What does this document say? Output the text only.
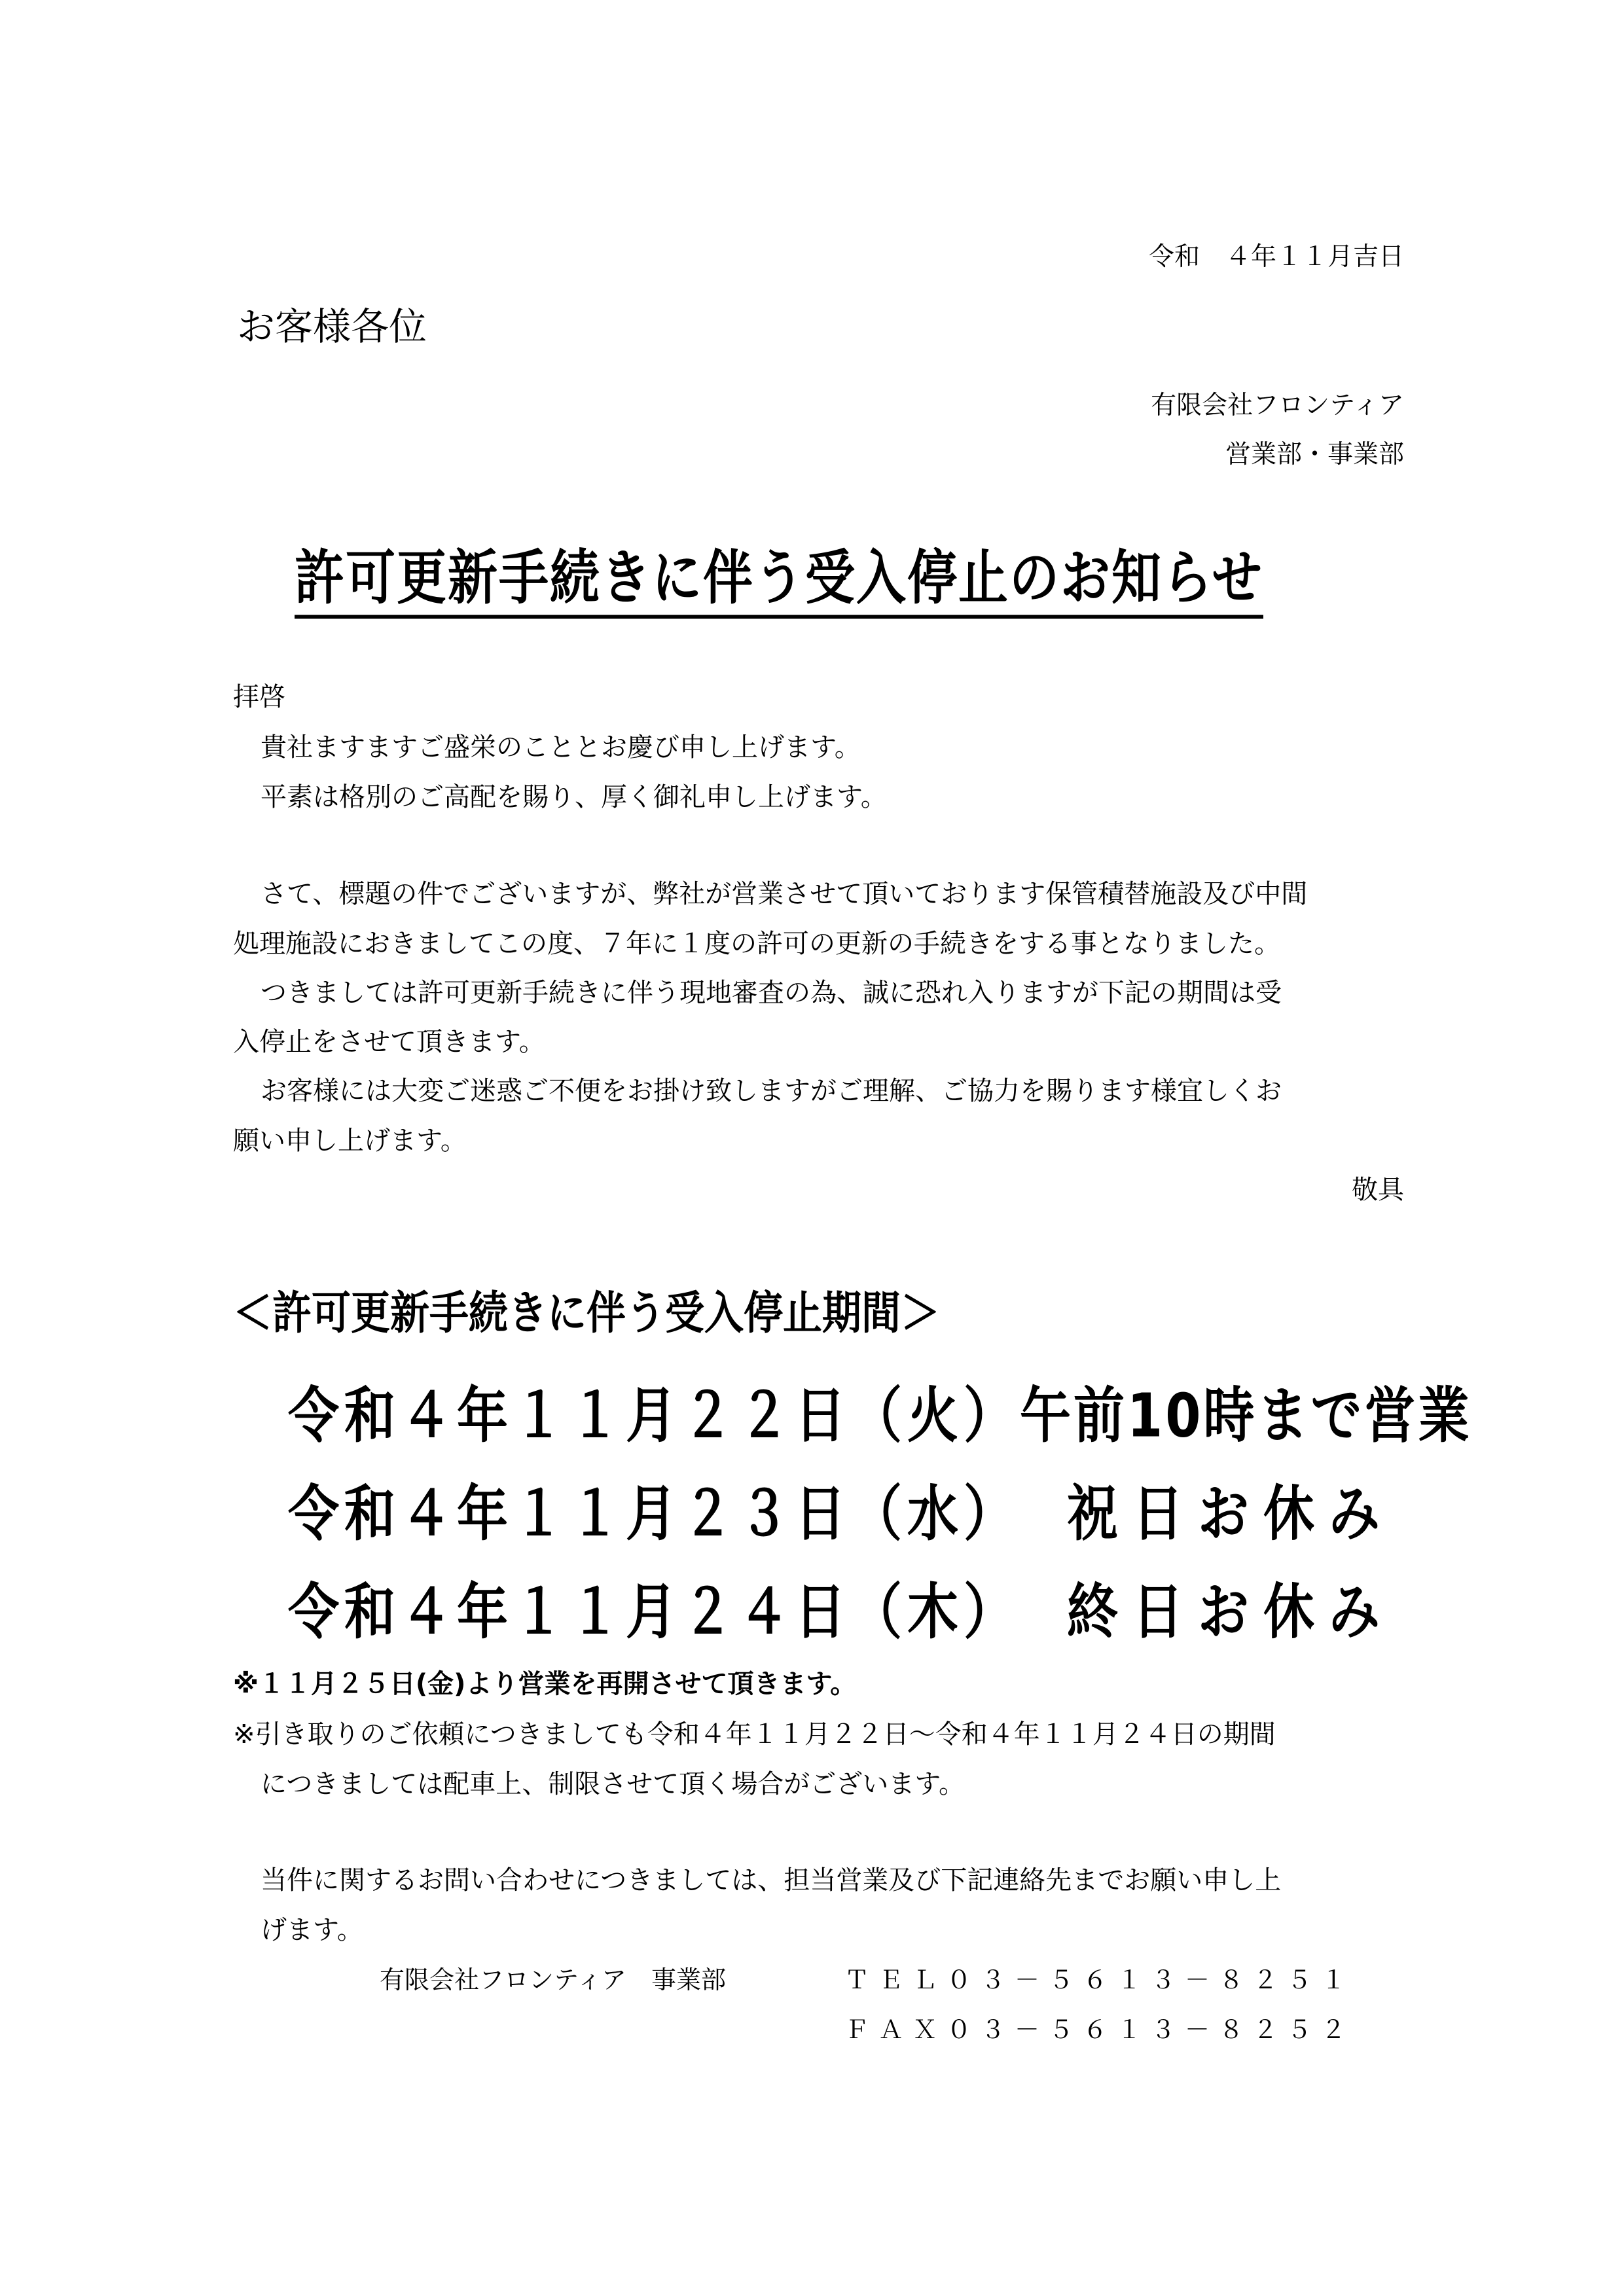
令和　４年１１月吉日
お客様各位
有限会社フロンティア
営業部・事業部
許可更新手続きに伴う受入停止のお知らせ
拝啓
貴社ますますご盛栄のこととお慶び申し上げます。
平素は格別のご高配を賜り、厚く御礼申し上げます。
さて、標題の件でございますが、弊社が営業させて頂いております保管積替施設及び中間
処理施設におきましてこの度、７年に１度の許可の更新の手続きをする事となりました。
つきましては許可更新手続きに伴う現地審査の為、誠に恐れ入りますが下記の期間は受
入停止をさせて頂きます。
お客様には大変ご迷惑ご不便をお掛け致しますがご理解、ご協力を賜ります様宜しくお
願い申し上げます。
敬具
＜許可更新手続きに伴う受入停止期間＞
令和４年１１月２２日（火） 午前10時まで営業
令和４年１１月２３日（水） 祝日お休み
令和４年１１月２４日（木） 終日お休み
※１１月２５日(金)より営業を再開させて頂きます。
※引き取りのご依頼につきましても令和４年１１月２２日～令和４年１１月２４日の期間
につきましては配車上、制限させて頂く場合がございます。
当件に関するお問い合わせにつきましては、担当営業及び下記連絡先までお願い申し上
げます。
有限会社フロンティア　事業部	ＴＥＬ０３－５６１３－８２５１
ＦＡＸ０３－５６１３－８２５２
